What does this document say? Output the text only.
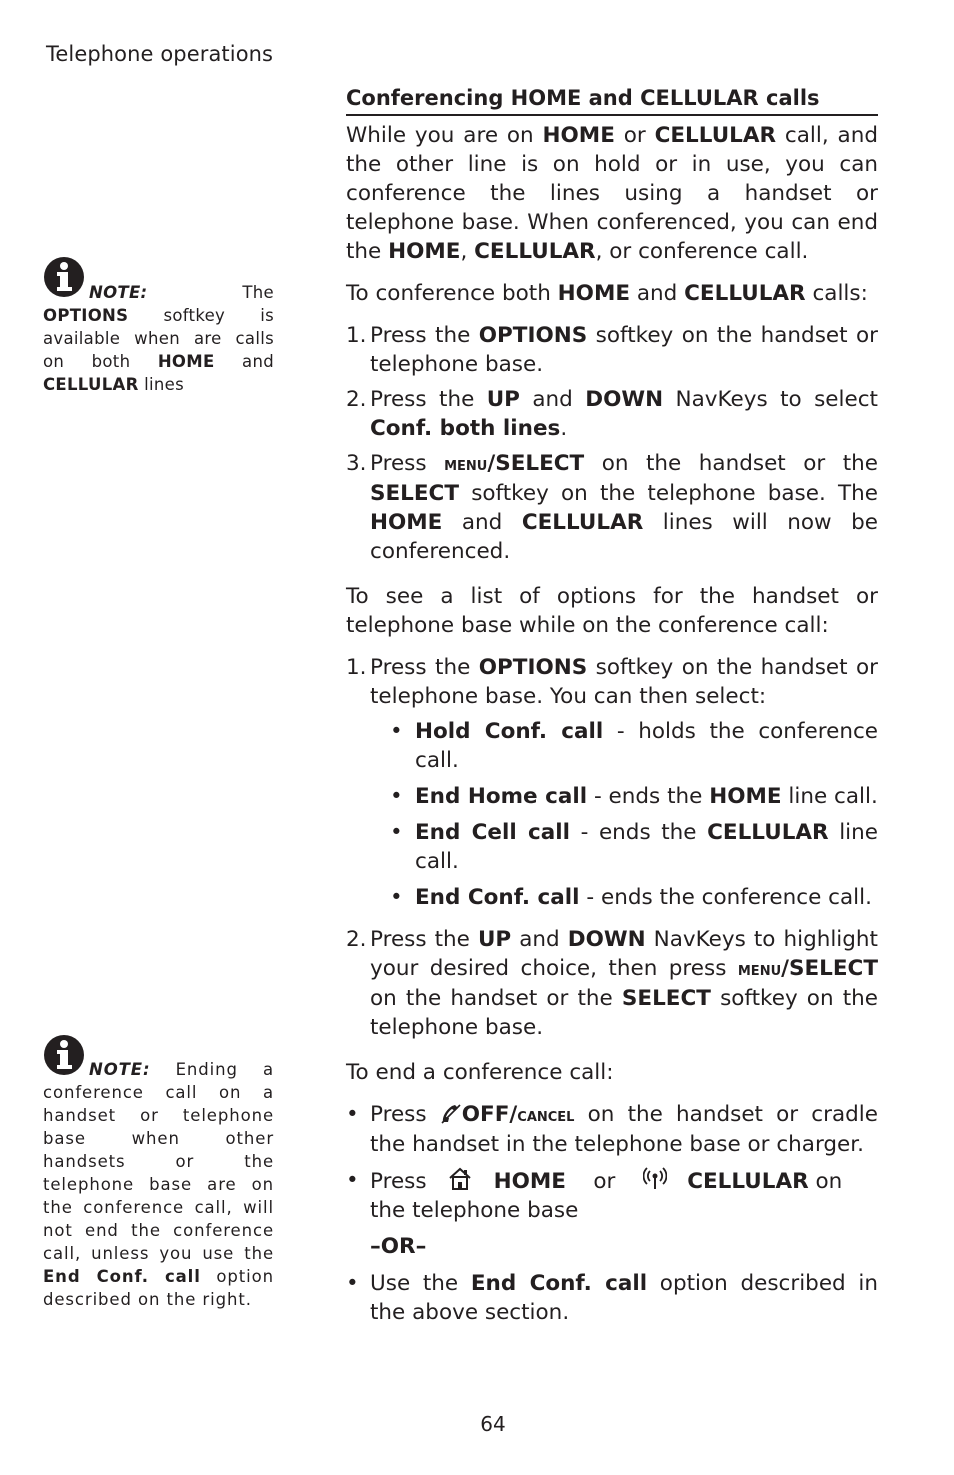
Telephone operations
NOTE: The OPTIONS softkey is available when are calls on both HOME and CELLULAR lines
NOTE: Ending a conference call on a handset or telephone base when other handsets or the telephone base are on the conference call, will not end the conference call, unless you use the End Conf. call option described on the right.
Conferencing HOME and CELLULAR calls

While you are on HOME or CELLULAR call, and the other line is on hold or in use, you can conference the lines using a handset or telephone base. When conferenced, you can end the HOME, CELLULAR, or conference call.

To conference both HOME and CELLULAR calls:

1. Press the OPTIONS softkey on the handset or telephone base.
2. Press the UP and DOWN NavKeys to select Conf. both lines.
3. Press menu/SELECT on the handset or the SELECT softkey on the telephone base. The HOME and CELLULAR lines will now be conferenced.

To see a list of options for the handset or telephone base while on the conference call:

1. Press the OPTIONS softkey on the handset or telephone base. You can then select:
• Hold Conf. call - holds the conference call.
• End Home call - ends the HOME line call.
• End Cell call - ends the CELLULAR line call.
• End Conf. call - ends the conference call.
2. Press the UP and DOWN NavKeys to highlight your desired choice, then press menu/SELECT on the handset or the SELECT softkey on the telephone base.

To end a conference call:

• Press OFF/cancel on the handset or cradle the handset in the telephone base or charger.
• Press	HOME    or	CELLULAR on the telephone base
–OR–
• Use the End Conf. call option described in the above section.
64
